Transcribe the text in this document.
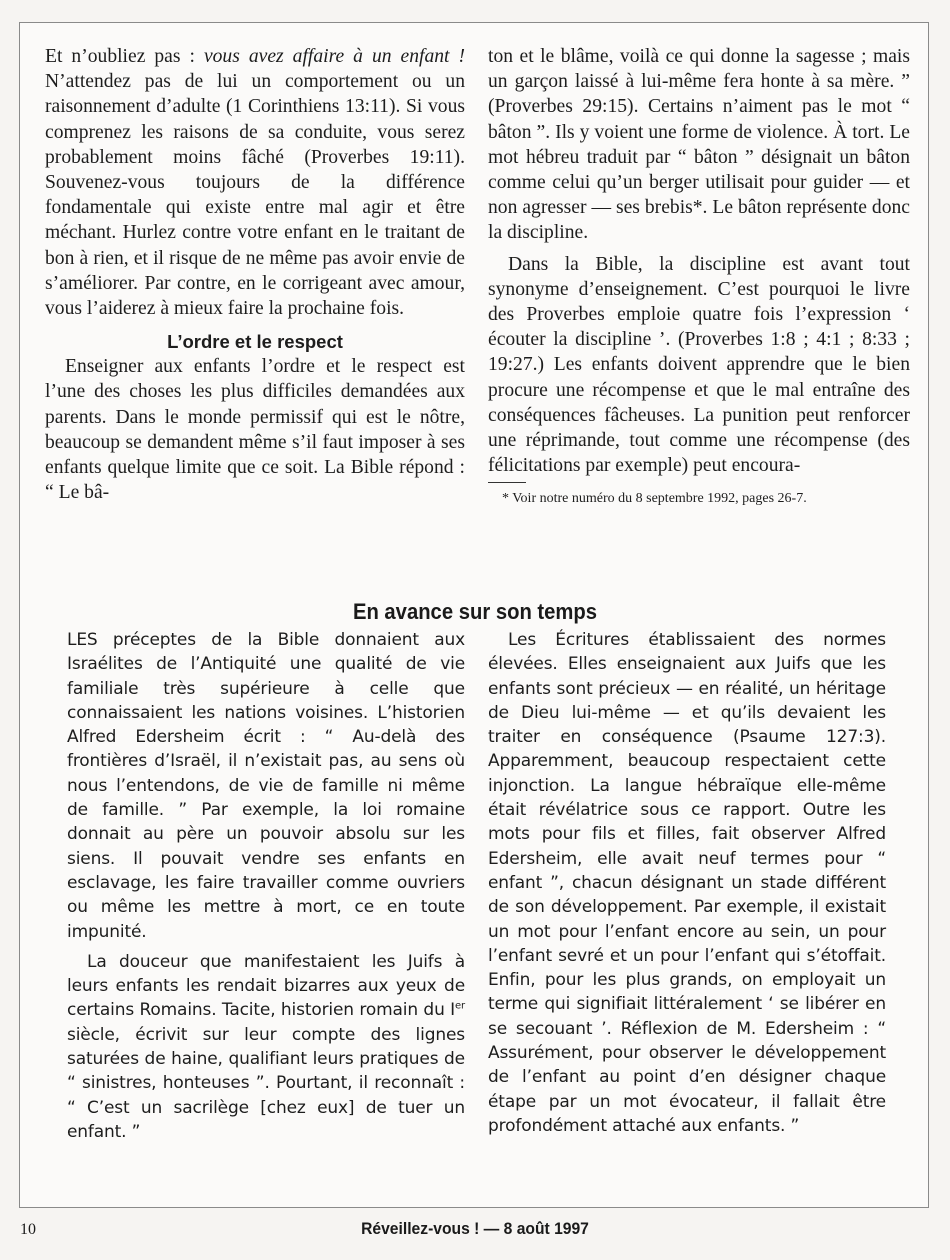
Et n’oubliez pas : vous avez affaire à un enfant ! N’attendez pas de lui un comportement ou un raisonnement d’adulte (1 Corinthiens 13:11). Si vous comprenez les raisons de sa conduite, vous serez probablement moins fâché (Proverbes 19:11). Souvenez-vous toujours de la différence fondamentale qui existe entre mal agir et être méchant. Hurlez contre votre enfant en le traitant de bon à rien, et il risque de ne même pas avoir envie de s’améliorer. Par contre, en le corrigeant avec amour, vous l’aiderez à mieux faire la prochaine fois.

L’ordre et le respect

Enseigner aux enfants l’ordre et le respect est l’une des choses les plus difficiles demandées aux parents. Dans le monde permissif qui est le nôtre, beaucoup se demandent même s’il faut imposer à ses enfants quelque limite que ce soit. La Bible répond : “ Le bâ-

ton et le blâme, voilà ce qui donne la sagesse ; mais un garçon laissé à lui-même fera honte à sa mère. ” (Proverbes 29:15). Certains n’aiment pas le mot “ bâton ”. Ils y voient une forme de violence. À tort. Le mot hébreu traduit par “ bâton ” désignait un bâton comme celui qu’un berger utilisait pour guider — et non agresser — ses brebis*. Le bâton représente donc la discipline.

Dans la Bible, la discipline est avant tout synonyme d’enseignement. C’est pourquoi le livre des Proverbes emploie quatre fois l’expression ‘ écouter la discipline ’. (Proverbes 1:8 ; 4:1 ; 8:33 ; 19:27.) Les enfants doivent apprendre que le bien procure une récompense et que le mal entraîne des conséquences fâcheuses. La punition peut renforcer une réprimande, tout comme une récompense (des félicitations par exemple) peut encoura-

* Voir notre numéro du 8 septembre 1992, pages 26-7.
En avance sur son temps

LES préceptes de la Bible donnaient aux Israélites de l’Antiquité une qualité de vie familiale très supérieure à celle que connaissaient les nations voisines. L’historien Alfred Edersheim écrit : “ Au-delà des frontières d’Israël, il n’existait pas, au sens où nous l’entendons, de vie de famille ni même de famille. ” Par exemple, la loi romaine donnait au père un pouvoir absolu sur les siens. Il pouvait vendre ses enfants en esclavage, les faire travailler comme ouvriers ou même les mettre à mort, ce en toute impunité.

La douceur que manifestaient les Juifs à leurs enfants les rendait bizarres aux yeux de certains Romains. Tacite, historien romain du Ier siècle, écrivit sur leur compte des lignes saturées de haine, qualifiant leurs pratiques de “ sinistres, honteuses ”. Pourtant, il reconnaît : “ C’est un sacrilège [chez eux] de tuer un enfant. ”

Les Écritures établissaient des normes élevées. Elles enseignaient aux Juifs que les enfants sont précieux — en réalité, un héritage de Dieu lui-même — et qu’ils devaient les traiter en conséquence (Psaume 127:3). Apparemment, beaucoup respectaient cette injonction. La langue hébraïque elle-même était révélatrice sous ce rapport. Outre les mots pour fils et filles, fait observer Alfred Edersheim, elle avait neuf termes pour “ enfant ”, chacun désignant un stade différent de son développement. Par exemple, il existait un mot pour l’enfant encore au sein, un pour l’enfant sevré et un pour l’enfant qui s’étoffait. Enfin, pour les plus grands, on employait un terme qui signifiait littéralement ‘ se libérer en se secouant ’. Réflexion de M. Edersheim : “ Assurément, pour observer le développement de l’enfant au point d’en désigner chaque étape par un mot évocateur, il fallait être profondément attaché aux enfants. ”

10	Réveillez-vous ! — 8 août 1997
